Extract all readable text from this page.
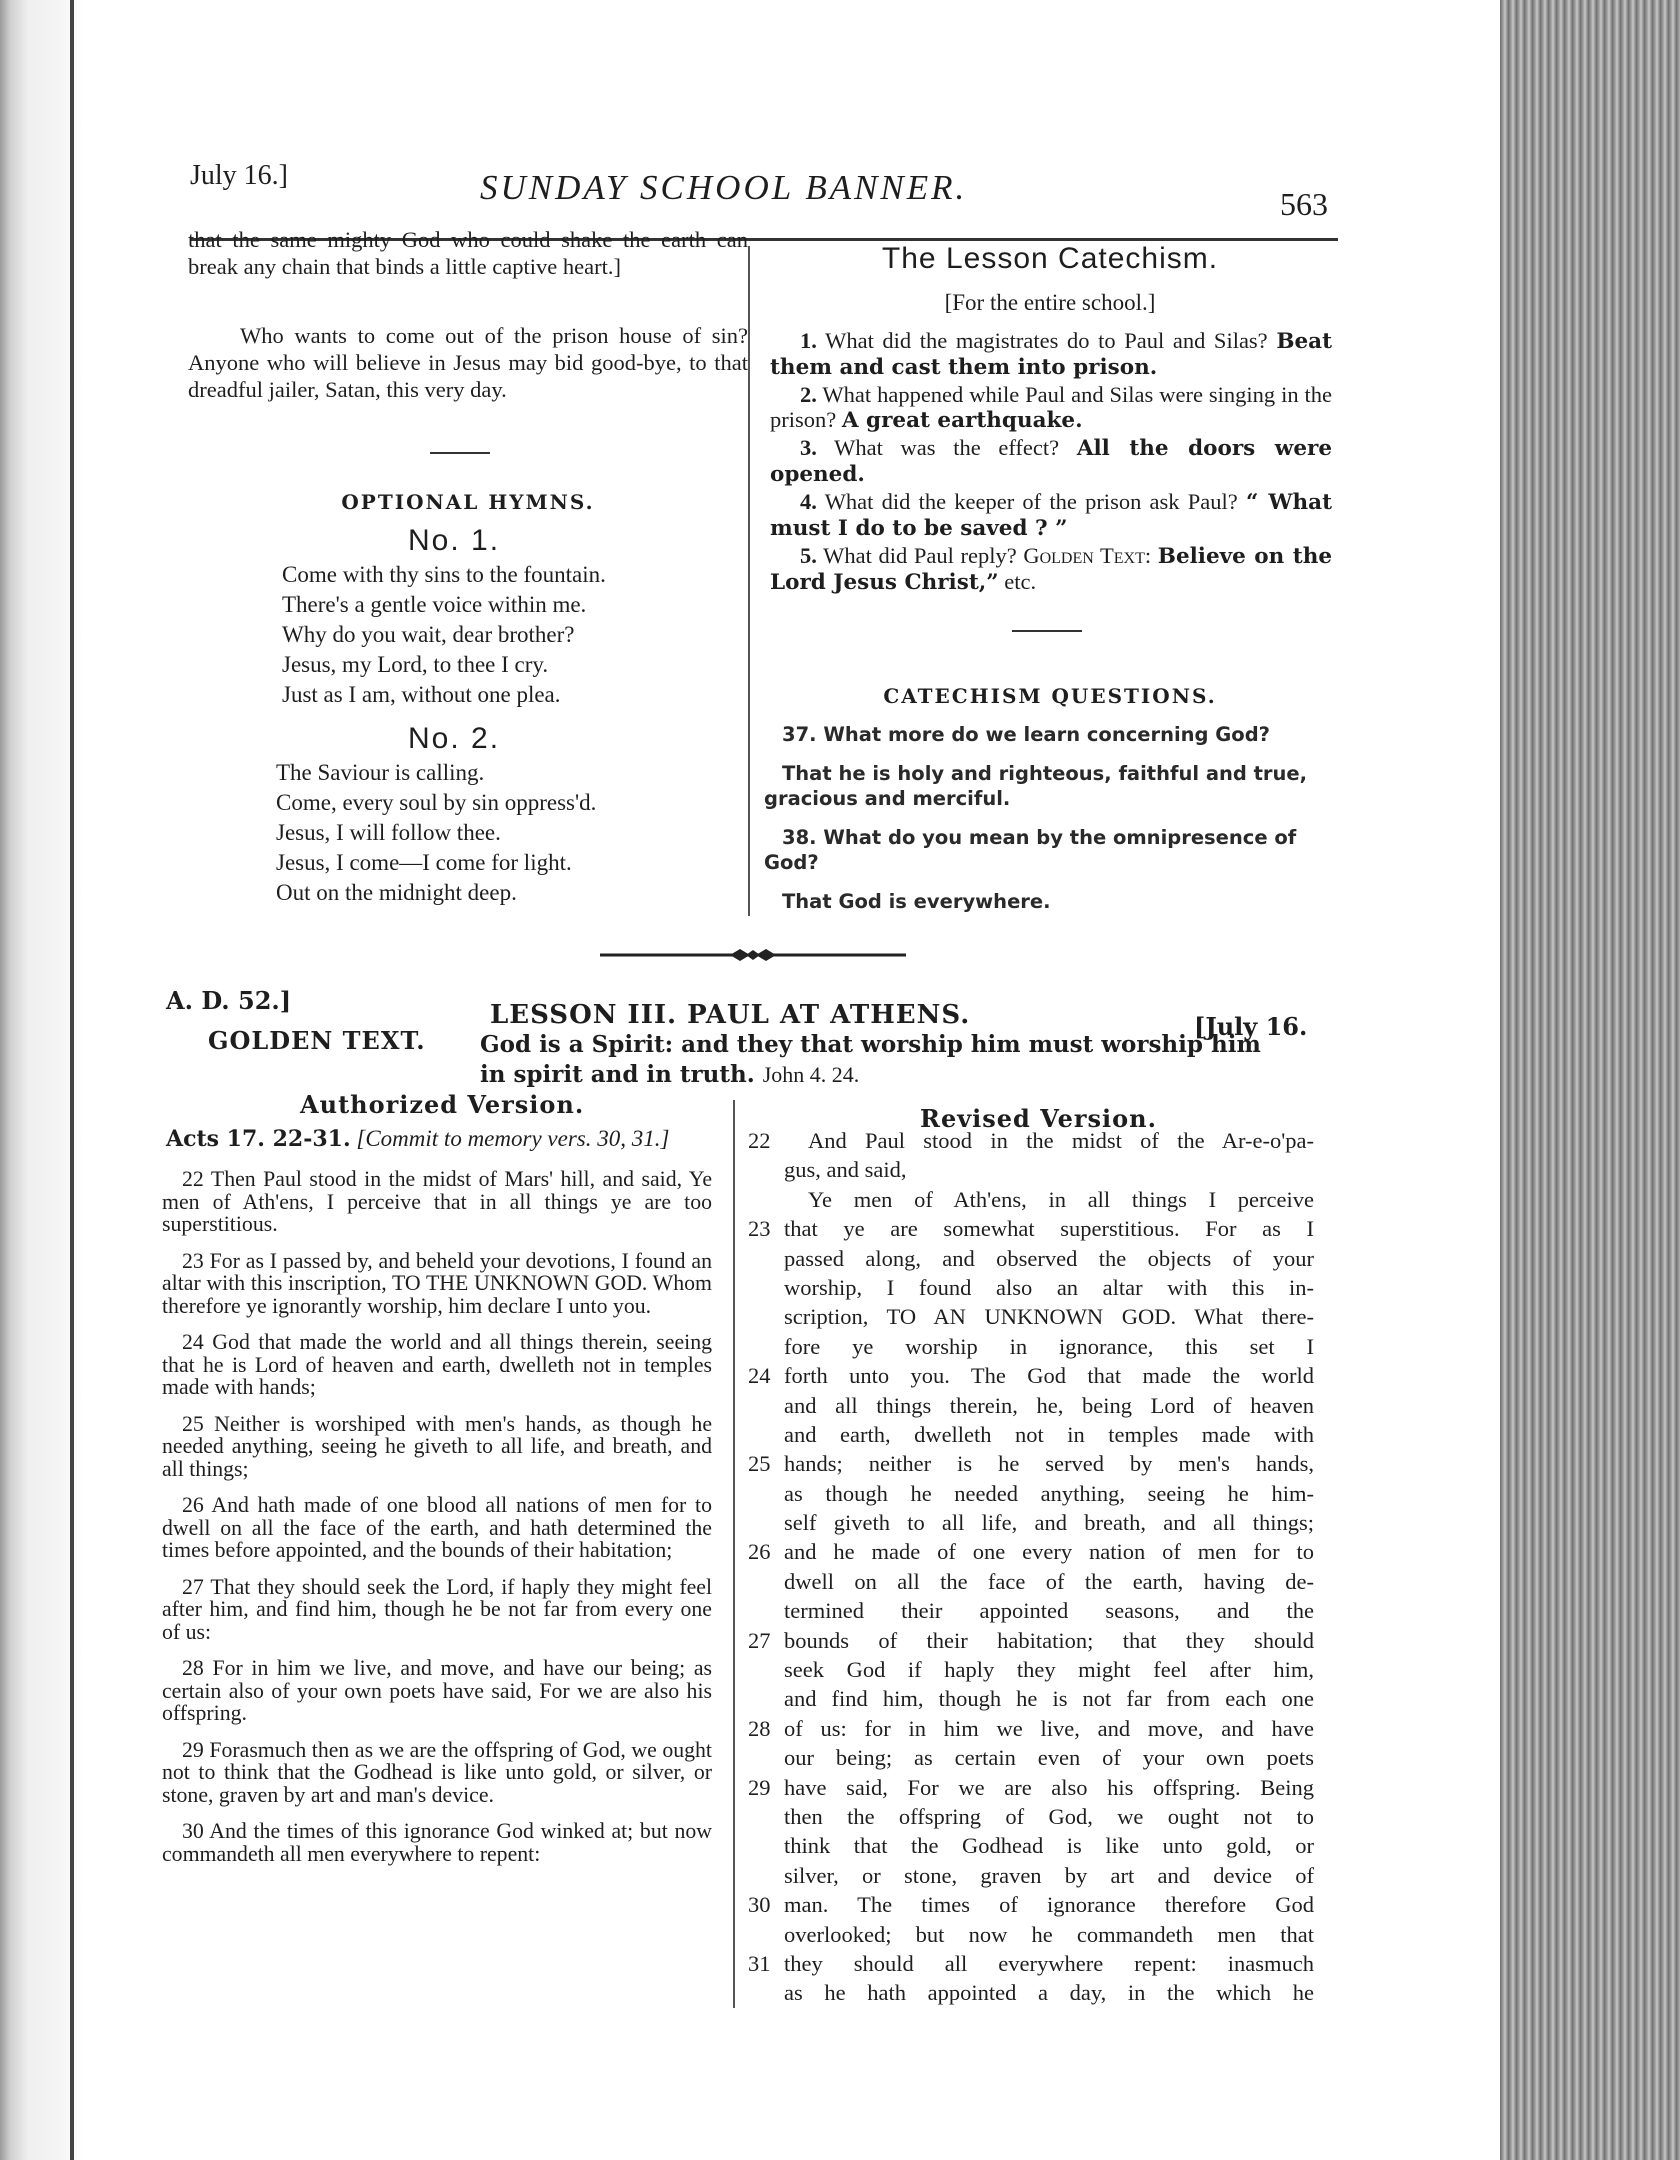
July 16.]	SUNDAY SCHOOL BANNER.	563

that the same mighty God who could shake the earth can break any chain that binds a little captive heart.]

Who wants to come out of the prison house of sin? Anyone who will believe in Jesus may bid good-bye, to that dreadful jailer, Satan, this very day.
OPTIONAL HYMNS.
No. 1.
Come with thy sins to the fountain.
There's a gentle voice within me.
Why do you wait, dear brother?
Jesus, my Lord, to thee I cry.
Just as I am, without one plea.
No. 2.
The Saviour is calling.
Come, every soul by sin oppress'd.
Jesus, I will follow thee.
Jesus, I come—I come for light.
Out on the midnight deep.
The Lesson Catechism.
[For the entire school.]

1. What did the magistrates do to Paul and Silas? Beat them and cast them into prison.

2. What happened while Paul and Silas were singing in the prison? A great earthquake.

3. What was the effect? All the doors were opened.

4. What did the keeper of the prison ask Paul? “ What must I do to be saved ? ”

5. What did Paul reply? Golden Text: Believe on the Lord Jesus Christ,” etc.

CATECHISM QUESTIONS.

37. What more do we learn concerning God?

That he is holy and righteous, faithful and true, gracious and merciful.

38. What do you mean by the omnipresence of God?

That God is everywhere.

A. D. 52.]	LESSON III. PAUL AT ATHENS.	[July 16.
GOLDEN TEXT. God is a Spirit: and they that worship him must worship him in spirit and in truth. John 4. 24.
Authorized Version.
Acts 17. 22-31. [Commit to memory vers. 30, 31.]

22 Then Paul stood in the midst of Mars' hill, and said, Ye men of Ath'ens, I perceive that in all things ye are too superstitious.

23 For as I passed by, and beheld your devotions, I found an altar with this inscription, TO THE UNKNOWN GOD. Whom therefore ye ignorantly worship, him declare I unto you.

24 God that made the world and all things therein, seeing that he is Lord of heaven and earth, dwelleth not in temples made with hands;

25 Neither is worshiped with men's hands, as though he needed anything, seeing he giveth to all life, and breath, and all things;

26 And hath made of one blood all nations of men for to dwell on all the face of the earth, and hath determined the times before appointed, and the bounds of their habitation;

27 That they should seek the Lord, if haply they might feel after him, and find him, though he be not far from every one of us:

28 For in him we live, and move, and have our being; as certain also of your own poets have said, For we are also his offspring.

29 Forasmuch then as we are the offspring of God, we ought not to think that the Godhead is like unto gold, or silver, or stone, graven by art and man's device.

30 And the times of this ignorance God winked at; but now commandeth all men everywhere to repent:

Revised Version.
22	And Paul stood in the midst of the Ar-e-o'pa-
gus, and said,
Ye men of Ath'ens, in all things I perceive
23 that ye are somewhat superstitious. For as I
passed along, and observed the objects of your
worship, I found also an altar with this in-
scription, TO AN UNKNOWN GOD. What there-
fore ye worship in ignorance, this set I
24 forth unto you. The God that made the world
and all things therein, he, being Lord of heaven
and earth, dwelleth not in temples made with
25 hands; neither is he served by men's hands,
as though he needed anything, seeing he him-
self giveth to all life, and breath, and all things;
26 and he made of one every nation of men for to
dwell on all the face of the earth, having de-
termined their appointed seasons, and the
27 bounds of their habitation; that they should
seek God if haply they might feel after him,
and find him, though he is not far from each one
28 of us: for in him we live, and move, and have
our being; as certain even of your own poets
29 have said, For we are also his offspring. Being
then the offspring of God, we ought not to
think that the Godhead is like unto gold, or
silver, or stone, graven by art and device of
30 man. The times of ignorance therefore God
overlooked; but now he commandeth men that
31 they should all everywhere repent: inasmuch
as he hath appointed a day, in the which he
